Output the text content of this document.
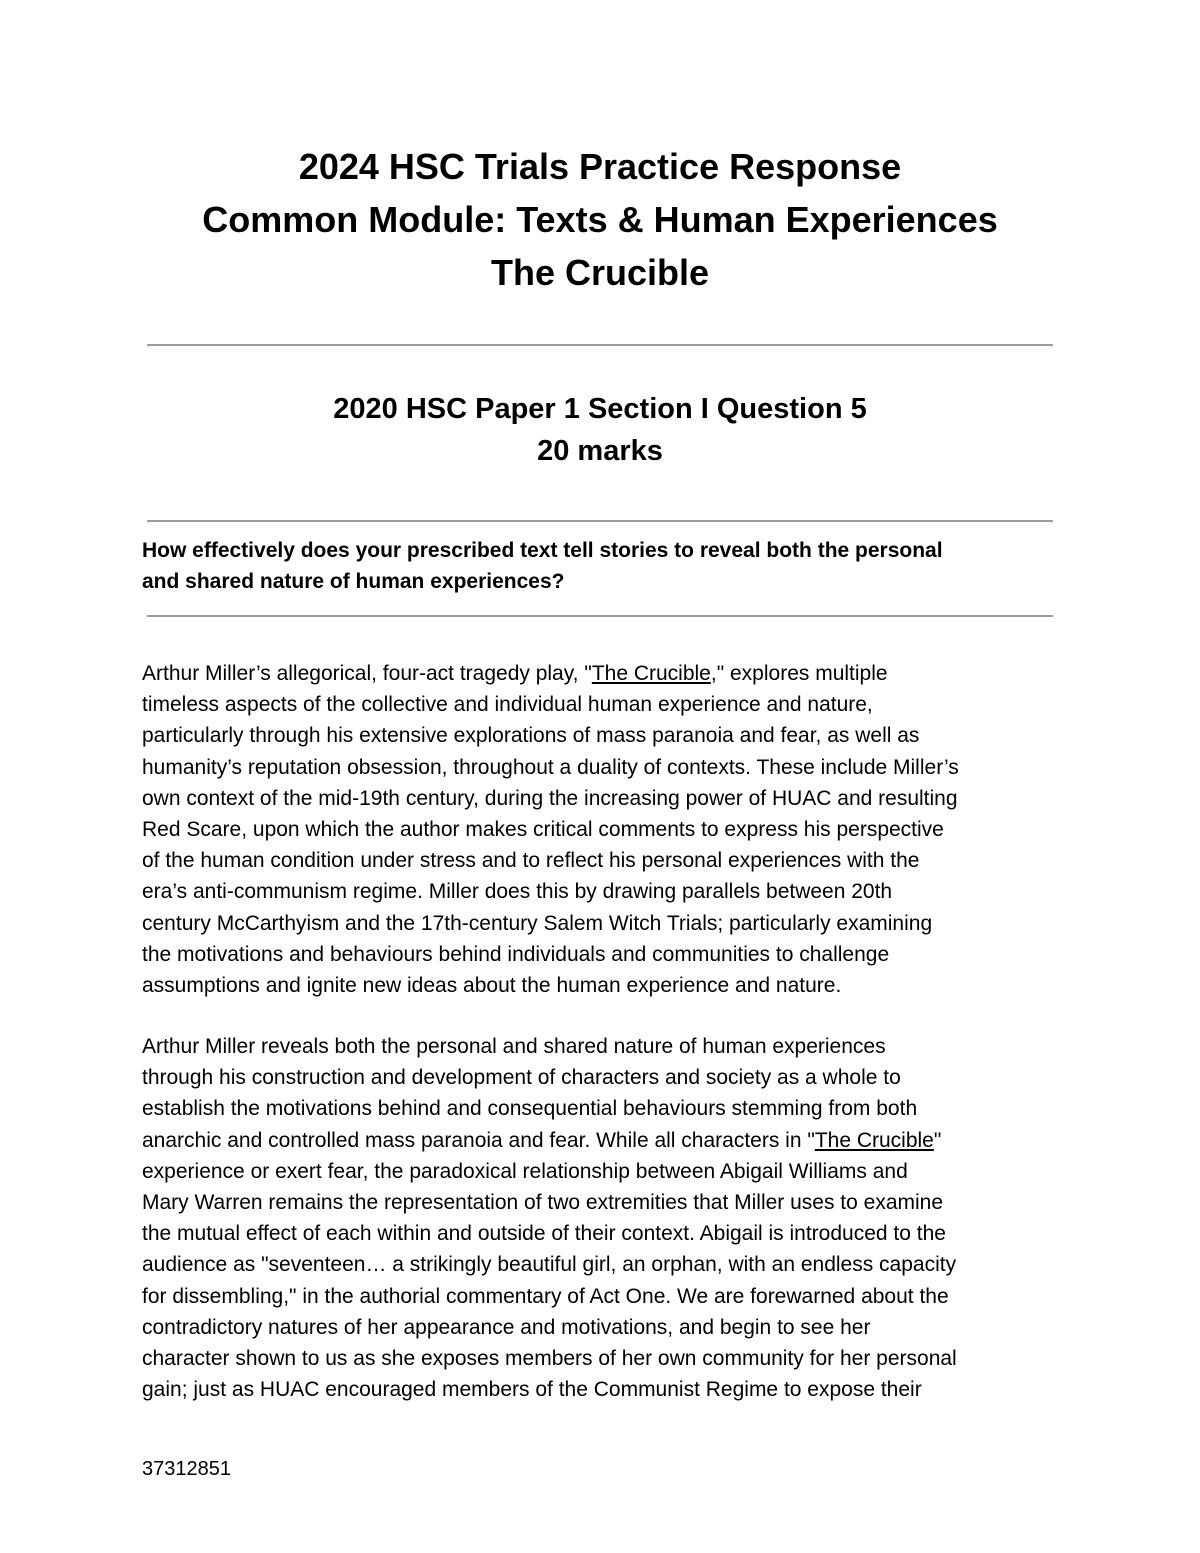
2024 HSC Trials Practice Response
Common Module: Texts & Human Experiences
The Crucible
2020 HSC Paper 1 Section I Question 5
20 marks
How effectively does your prescribed text tell stories to reveal both the personal
and shared nature of human experiences?

Arthur Miller’s allegorical, four-act tragedy play, "The Crucible," explores multiple
timeless aspects of the collective and individual human experience and nature,
particularly through his extensive explorations of mass paranoia and fear, as well as
humanity’s reputation obsession, throughout a duality of contexts. These include Miller’s
own context of the mid-19th century, during the increasing power of HUAC and resulting
Red Scare, upon which the author makes critical comments to express his perspective
of the human condition under stress and to reflect his personal experiences with the
era’s anti-communism regime. Miller does this by drawing parallels between 20th
century McCarthyism and the 17th-century Salem Witch Trials; particularly examining
the motivations and behaviours behind individuals and communities to challenge
assumptions and ignite new ideas about the human experience and nature.

Arthur Miller reveals both the personal and shared nature of human experiences
through his construction and development of characters and society as a whole to
establish the motivations behind and consequential behaviours stemming from both
anarchic and controlled mass paranoia and fear. While all characters in "The Crucible"
experience or exert fear, the paradoxical relationship between Abigail Williams and
Mary Warren remains the representation of two extremities that Miller uses to examine
the mutual effect of each within and outside of their context. Abigail is introduced to the
audience as "seventeen… a strikingly beautiful girl, an orphan, with an endless capacity
for dissembling," in the authorial commentary of Act One. We are forewarned about the
contradictory natures of her appearance and motivations, and begin to see her
character shown to us as she exposes members of her own community for her personal
gain; just as HUAC encouraged members of the Communist Regime to expose their

37312851
